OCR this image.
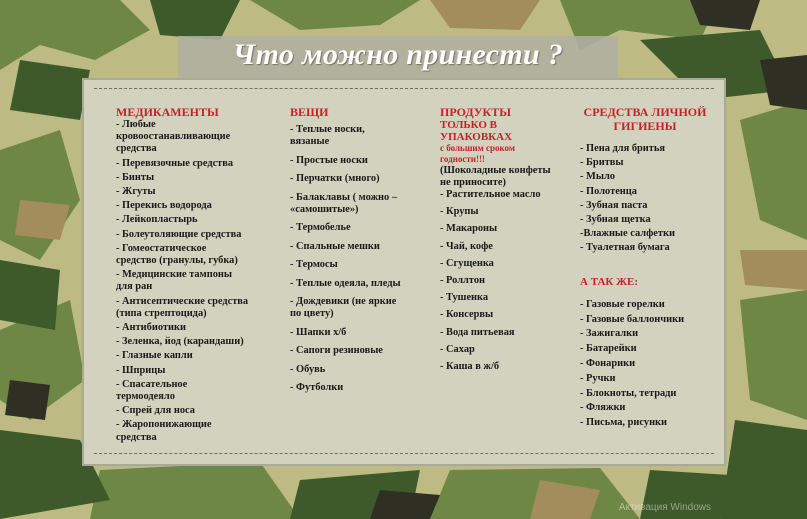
Что можно принести ?
МЕДИКАМЕНТЫ
- Любые
кровоостанавливающие
средства
- Перевязочные средства
- Бинты
- Жгуты
- Перекись водорода
- Лейкопластырь
- Болеутоляющие средства
- Гомеостатическое
средство (гранулы, губка)
- Медицинские тампоны
для ран
- Антисептические средства
(типа стрептоцида)
- Антибиотики
- Зеленка, йод (карандаши)
- Глазные капли
- Шприцы
- Спасательное
термоодеяло
- Спрей для носа
- Жаропонижающие
средства
ВЕЩИ
- Теплые носки,
вязаные
- Простые носки
- Перчатки (много)
- Балаклавы ( можно –
«самошитые»)
- Термобелье
- Спальные мешки
- Термосы
- Теплые одеяла, пледы
- Дождевики (не яркие
по цвету)
- Шапки х/б
- Сапоги резиновые
- Обувь
- Футболки
ПРОДУКТЫ
ТОЛЬКО В
УПАКОВКАХ
с большим сроком
годности!!!
(Шоколадные конфеты
не приносите)
- Растительное масло
- Крупы
- Макароны
- Чай, кофе
- Сгущенка
- Роллтон
- Тушенка
- Консервы
- Вода питьевая
- Сахар
- Каша в ж/б
СРЕДСТВА ЛИЧНОЙ
ГИГИЕНЫ
- Пена для бритья
- Бритвы
- Мыло
- Полотенца
- Зубная паста
- Зубная щетка
-Влажные салфетки
- Туалетная бумага
А ТАК ЖЕ:
- Газовые горелки
- Газовые баллончики
- Зажигалки
- Батарейки
- Фонарики
- Ручки
- Блокноты, тетради
- Фляжки
- Письма, рисунки
Активация Windows
